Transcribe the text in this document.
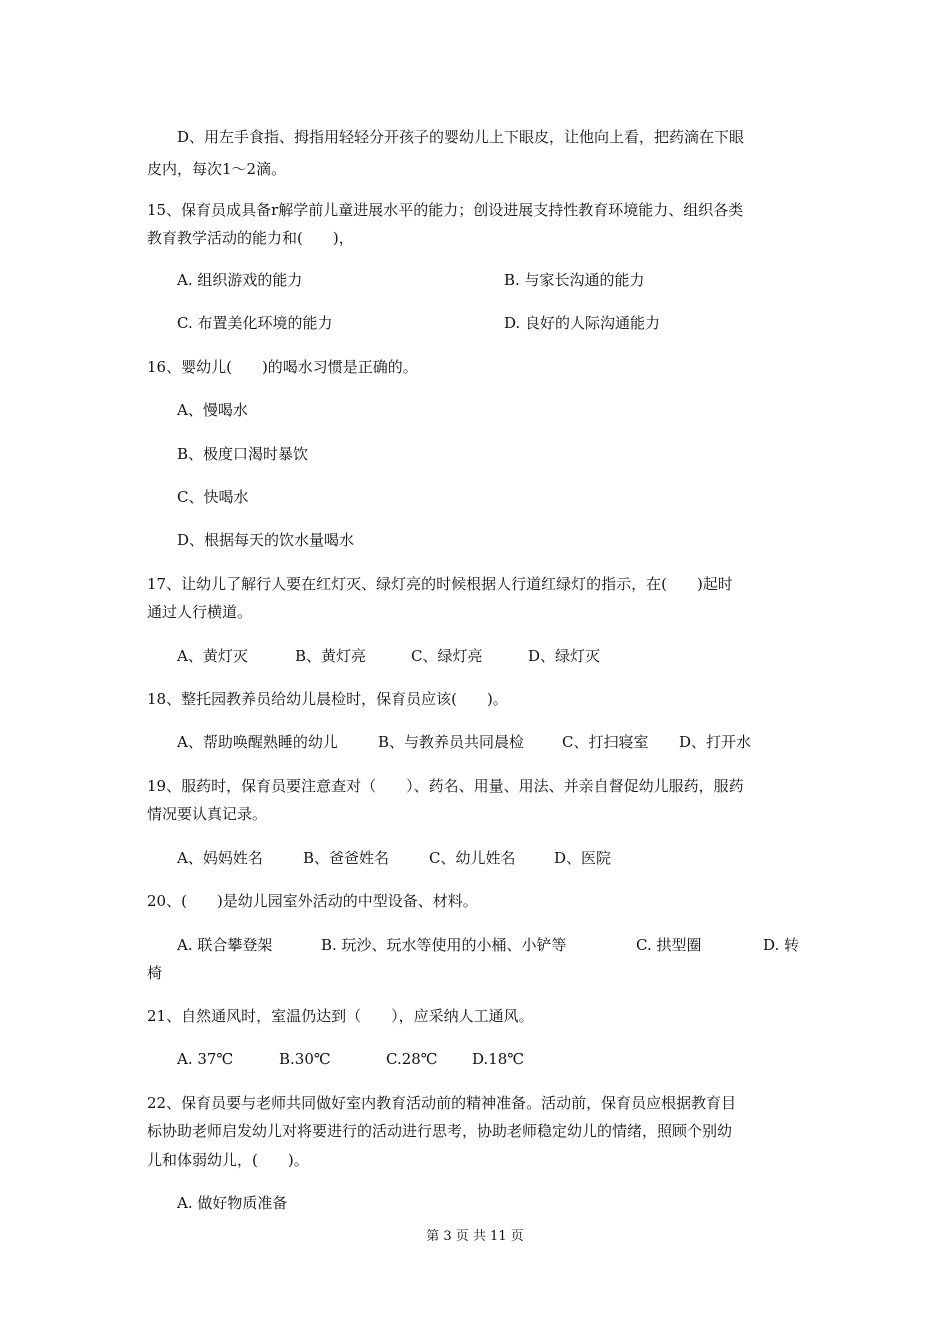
D、用左手食指、拇指用轻轻分开孩子的婴幼儿上下眼皮，让他向上看，把药滴在下眼
皮内，每次1～2滴。
15、保育员成具备r解学前儿童进展水平的能力；创设进展支持性教育环境能力、组织各类
教育教学活动的能力和(　　)，
A. 组织游戏的能力	B. 与家长沟通的能力
C. 布置美化环境的能力	D. 良好的人际沟通能力
16、婴幼儿(　　)的喝水习惯是正确的。
A、慢喝水
B、极度口渴时暴饮
C、快喝水
D、根据每天的饮水量喝水
17、让幼儿了解行人要在红灯灭、绿灯亮的时候根据人行道红绿灯的指示，在(　　)起时
通过人行横道。
A、黄灯灭	B、黄灯亮	C、绿灯亮	D、绿灯灭
18、整托园教养员给幼儿晨检时，保育员应该(　　)。
A、帮助唤醒熟睡的幼儿	B、与教养员共同晨检	C、打扫寝室 D、打开水
19、服药时，保育员要注意查对（　　）、药名、用量、用法、并亲自督促幼儿服药，服药
情况要认真记录。
A、妈妈姓名	B、爸爸姓名	C、幼儿姓名	D、医院
20、(　　)是幼儿园室外活动的中型设备、材料。
A. 联合攀登架	B. 玩沙、玩水等使用的小桶、小铲等	C. 拱型圈	D. 转
椅
21、自然通风时，室温仍达到（　　），应采纳人工通风。
A. 37℃	B.30℃	C.28℃ D.18℃
22、保育员要与老师共同做好室内教育活动前的精神准备。活动前，保育员应根据教育目
标协助老师启发幼儿对将要进行的活动进行思考，协助老师稳定幼儿的情绪，照顾个别幼
儿和体弱幼儿，(　　)。
A. 做好物质准备
第 3 页 共 11 页
